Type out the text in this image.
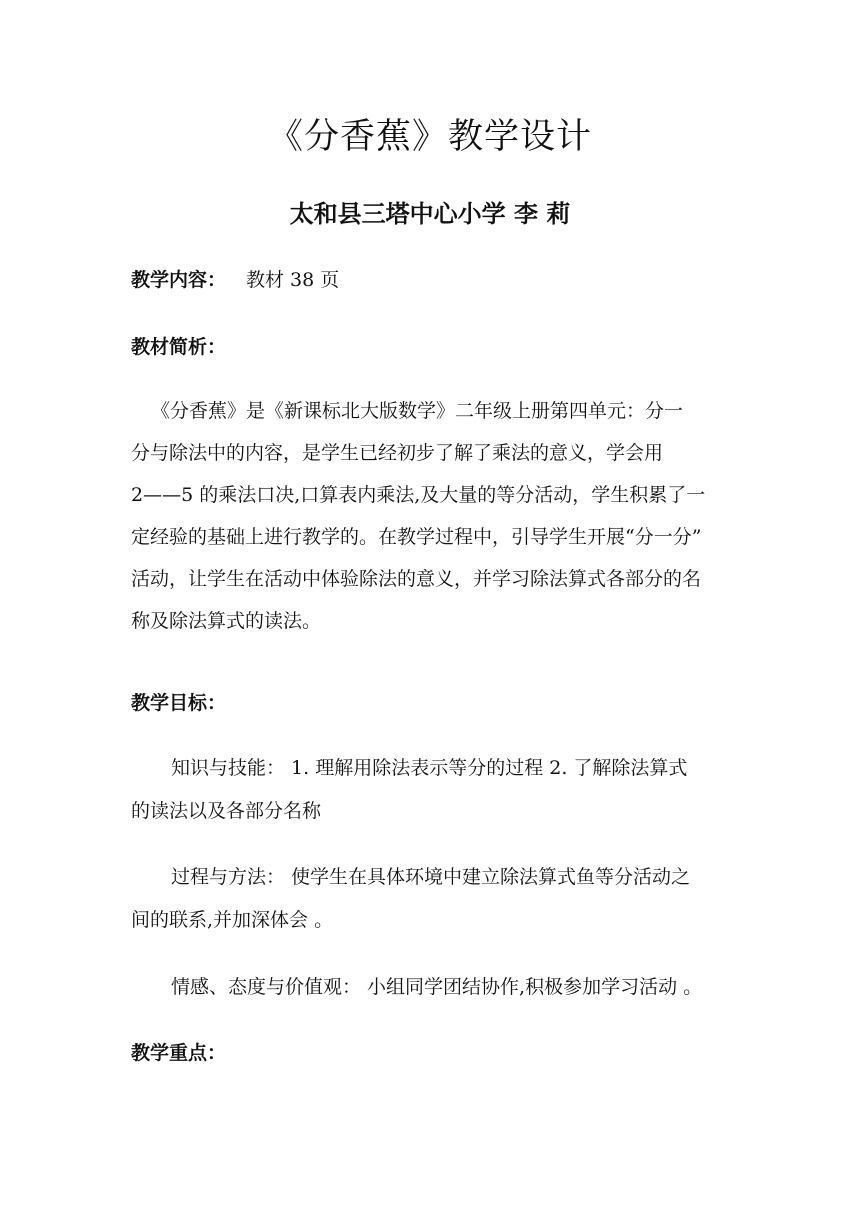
《分香蕉》教学设计
太和县三塔中心小学 李 莉

教学内容： 教材 38 页

教材简析：

《分香蕉》是《新课标北大版数学》二年级上册第四单元：分一

分与除法中的内容，是学生已经初步了解了乘法的意义，学会用

2——5 的乘法口决,口算表内乘法,及大量的等分活动，学生积累了一

定经验的基础上进行教学的。在教学过程中，引导学生开展“分一分”

活动，让学生在活动中体验除法的意义，并学习除法算式各部分的名

称及除法算式的读法。

教学目标：

知识与技能： 1. 理解用除法表示等分的过程 2. 了解除法算式

的读法以及各部分名称

过程与方法： 使学生在具体环境中建立除法算式鱼等分活动之

间的联系,并加深体会 。

情感、态度与价值观： 小组同学团结协作,积极参加学习活动 。

教学重点：
